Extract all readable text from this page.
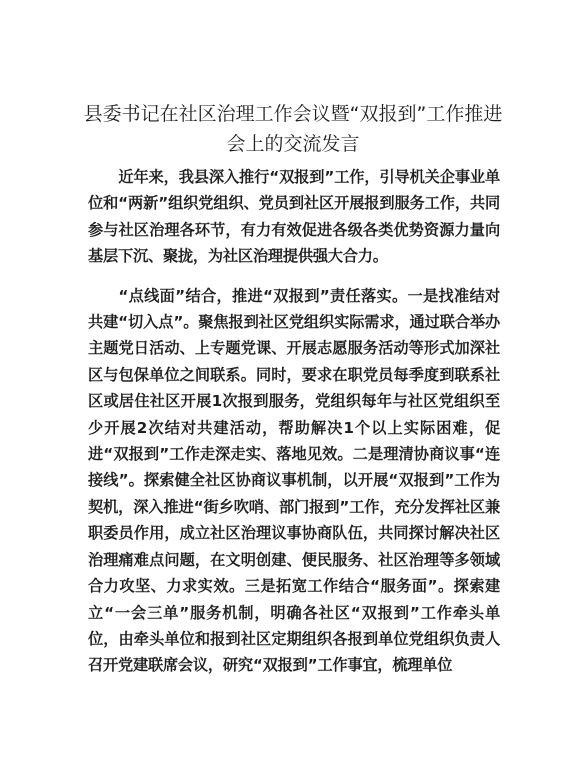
县委书记在社区治理工作会议暨“双报到”工作推进会上的交流发言

近年来，我县深入推行“双报到”工作，引导机关企事业单位和“两新”组织党组织、党员到社区开展报到服务工作，共同参与社区治理各环节，有力有效促进各级各类优势资源力量向基层下沉、聚拢，为社区治理提供强大合力。

“点线面”结合，推进“双报到”责任落实。一是找准结对共建“切入点”。聚焦报到社区党组织实际需求，通过联合举办主题党日活动、上专题党课、开展志愿服务活动等形式加深社区与包保单位之间联系。同时，要求在职党员每季度到联系社区或居住社区开展1次报到服务，党组织每年与社区党组织至少开展2次结对共建活动，帮助解决1个以上实际困难，促进“双报到”工作走深走实、落地见效。二是理清协商议事“连接线”。探索健全社区协商议事机制，以开展“双报到”工作为契机，深入推进“街乡吹哨、部门报到”工作，充分发挥社区兼职委员作用，成立社区治理议事协商队伍，共同探讨解决社区治理痛难点问题，在文明创建、便民服务、社区治理等多领域合力攻坚、力求实效。三是拓宽工作结合“服务面”。探索建立“一会三单”服务机制，明确各社区“双报到”工作牵头单位，由牵头单位和报到社区定期组织各报到单位党组织负责人召开党建联席会议，研究“双报到”工作事宜，梳理单位
